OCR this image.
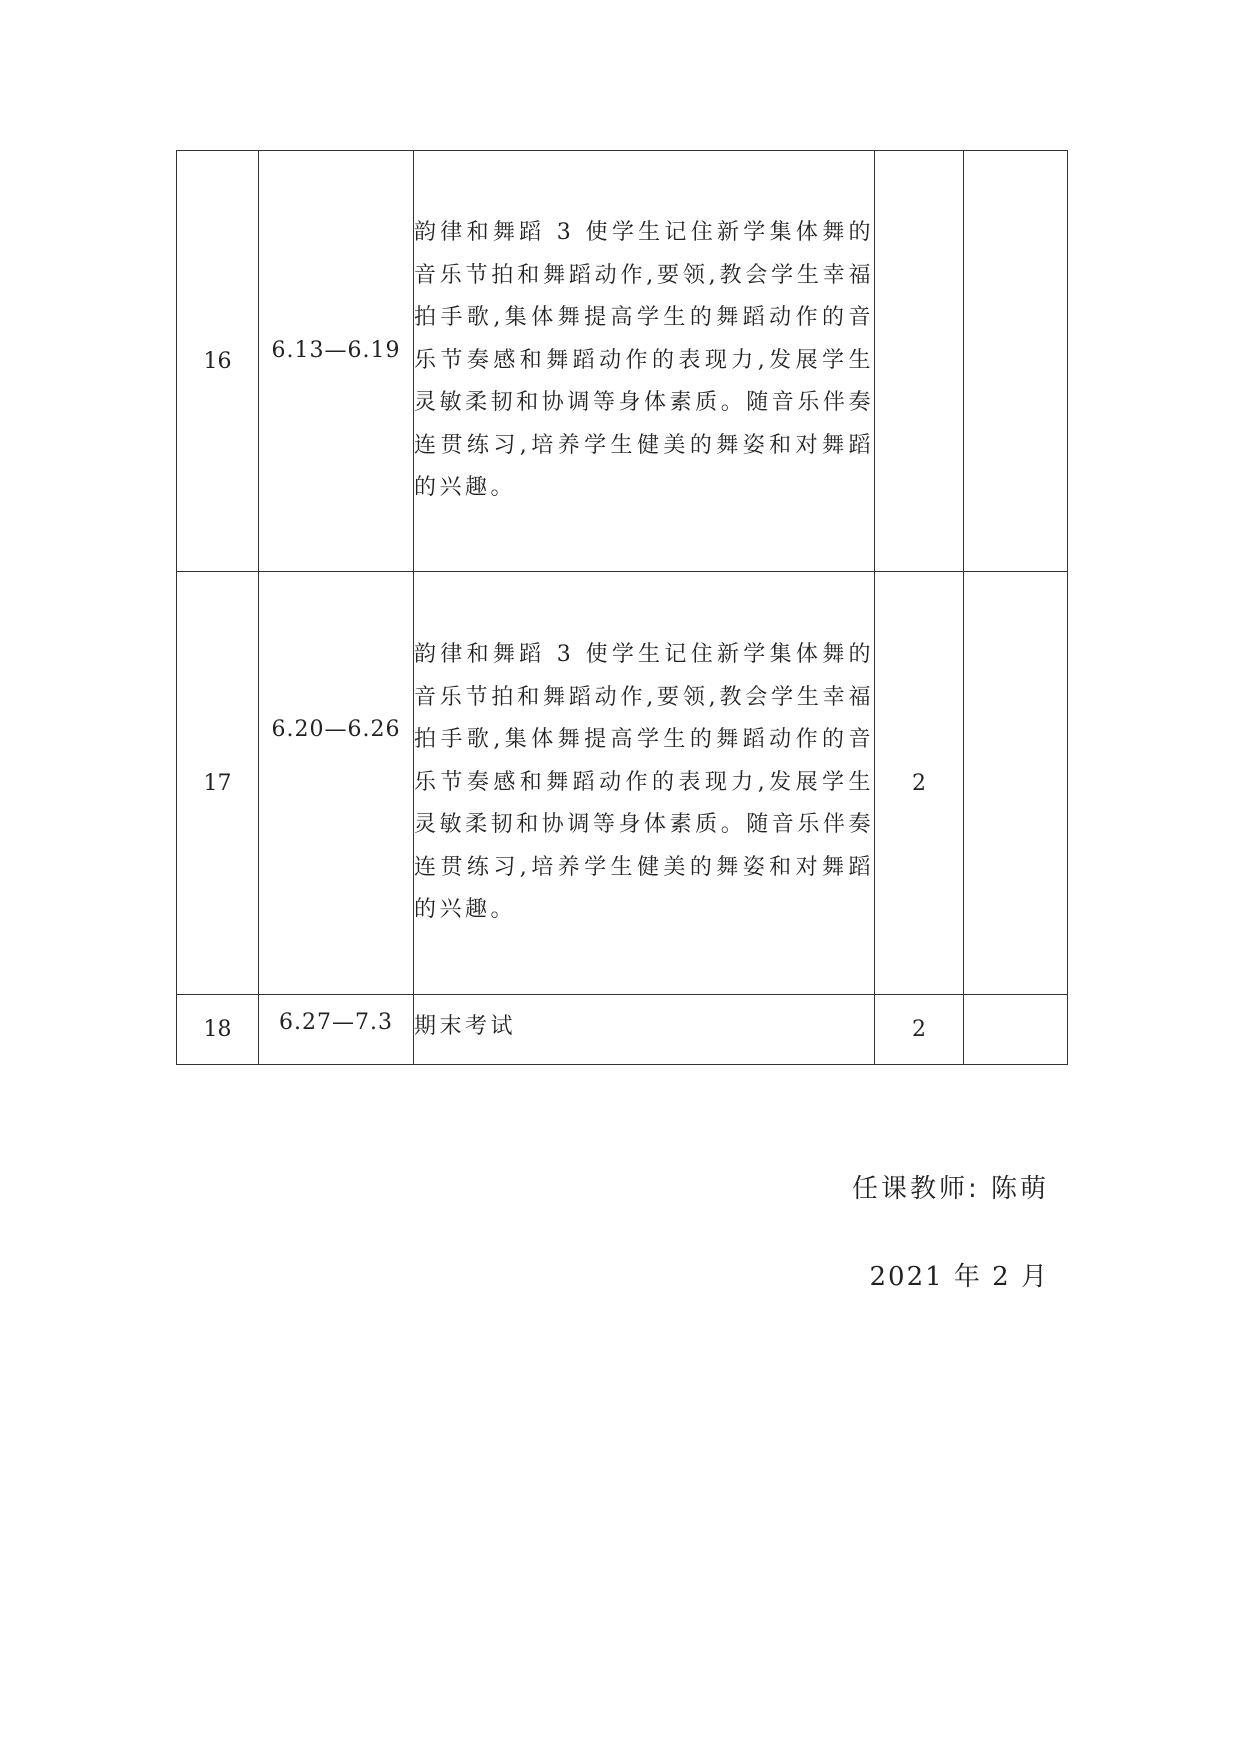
16	6.13—6.19	韵律和舞蹈 3 使学生记住新学集体舞的音乐节拍和舞蹈动作,要领,教会学生幸福拍手歌,集体舞提高学生的舞蹈动作的音乐节奏感和舞蹈动作的表现力,发展学生灵敏柔韧和协调等身体素质。随音乐伴奏连贯练习,培养学生健美的舞姿和对舞蹈的兴趣。		
17	6.20—6.26	韵律和舞蹈 3 使学生记住新学集体舞的音乐节拍和舞蹈动作,要领,教会学生幸福拍手歌,集体舞提高学生的舞蹈动作的音乐节奏感和舞蹈动作的表现力,发展学生灵敏柔韧和协调等身体素质。随音乐伴奏连贯练习,培养学生健美的舞姿和对舞蹈的兴趣。	2	
18	6.27—7.3	期末考试	2	
任课教师: 陈萌
2021 年 2 月
